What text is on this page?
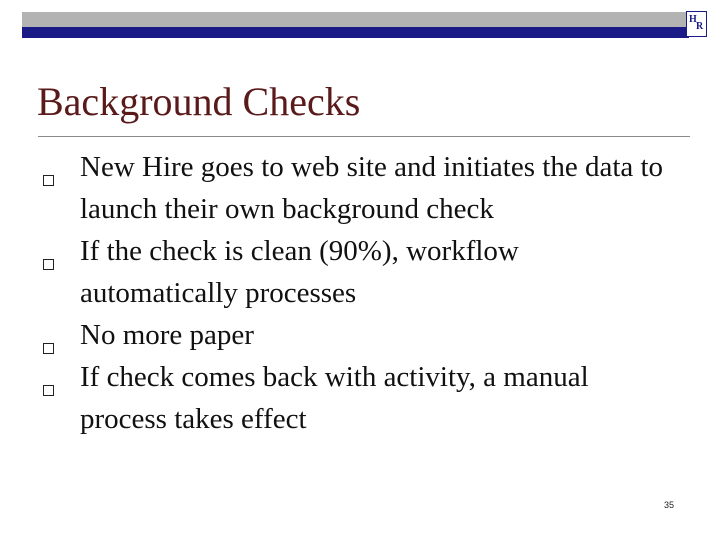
H
R
Background Checks
New Hire goes to web site and initiates the data to launch their own background check
If the check is clean (90%), workflow automatically processes
No more paper
If check comes back with activity, a manual process takes effect
35
